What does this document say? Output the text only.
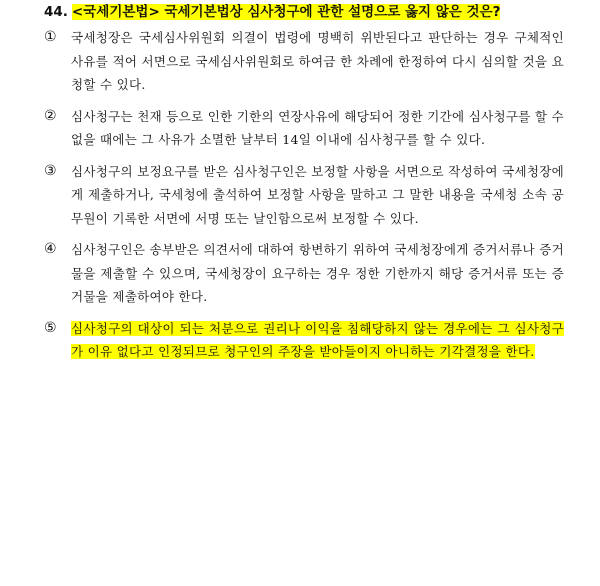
44. <국세기본법> 국세기본법상 심사청구에 관한 설명으로 옳지 않은 것은?
① 국세청장은 국세심사위원회 의결이 법령에 명백히 위반된다고 판단하는 경우 구체적인 사유를 적어 서면으로 국세심사위원회로 하여금 한 차례에 한정하여 다시 심의할 것을 요청할 수 있다.
② 심사청구는 천재 등으로 인한 기한의 연장사유에 해당되어 정한 기간에 심사청구를 할 수 없을 때에는 그 사유가 소멸한 날부터 14일 이내에 심사청구를 할 수 있다.
③ 심사청구의 보정요구를 받은 심사청구인은 보정할 사항을 서면으로 작성하여 국세청장에게 제출하거나, 국세청에 출석하여 보정할 사항을 말하고 그 말한 내용을 국세청 소속 공무원이 기록한 서면에 서명 또는 날인함으로써 보정할 수 있다.
④ 심사청구인은 송부받은 의견서에 대하여 항변하기 위하여 국세청장에게 증거서류나 증거물을 제출할 수 있으며, 국세청장이 요구하는 경우 정한 기한까지 해당 증거서류 또는 증거물을 제출하여야 한다.
⑤ 심사청구의 대상이 되는 처분으로 권리나 이익을 침해당하지 않는 경우에는 그 심사청구가 이유 없다고 인정되므로 청구인의 주장을 받아들이지 아니하는 기각결정을 한다.
